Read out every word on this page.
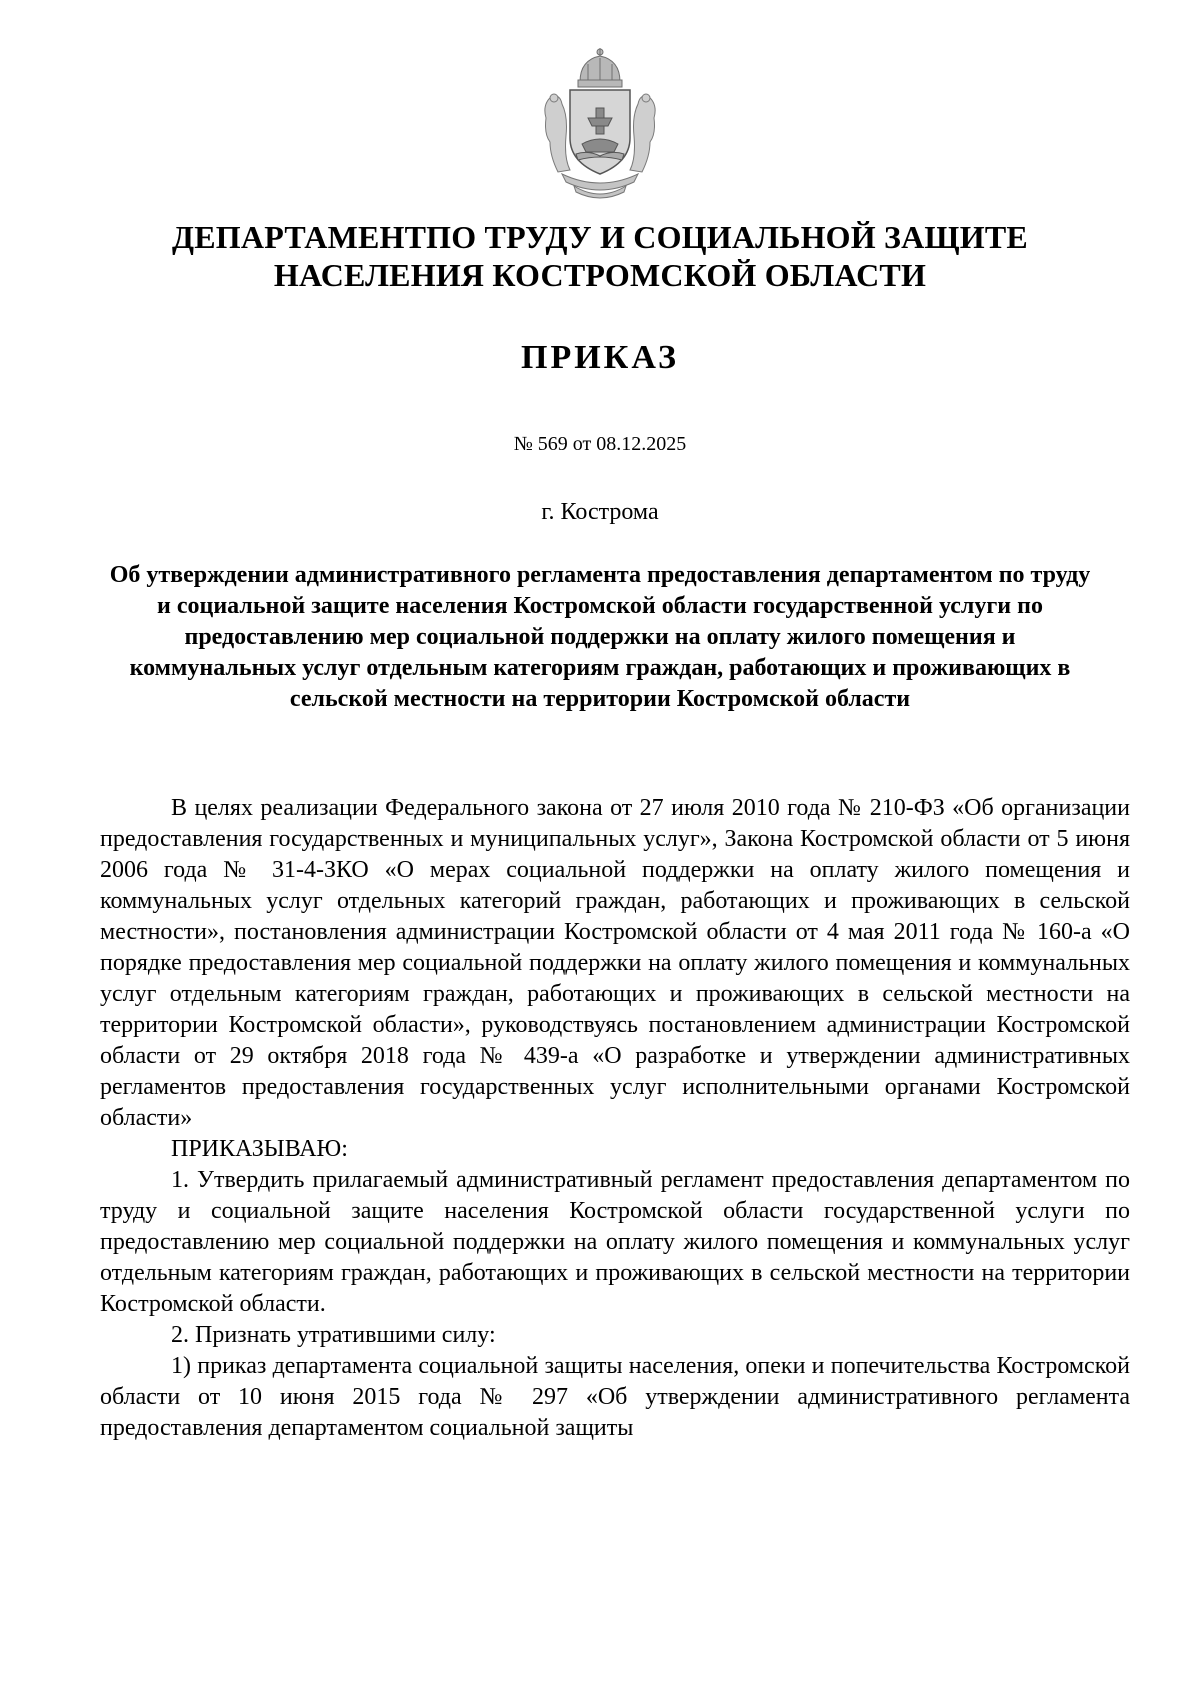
ДЕПАРТАМЕНТПО ТРУДУ И СОЦИАЛЬНОЙ ЗАЩИТЕ
НАСЕЛЕНИЯ КОСТРОМСКОЙ ОБЛАСТИ
ПРИКАЗ
№ 569 от 08.12.2025
г. Кострома
Об утверждении административного регламента предоставления департаментом по труду и социальной защите населения Костромской области государственной услуги по предоставлению мер социальной поддержки на оплату жилого помещения и коммунальных услуг отдельным категориям граждан, работающих и проживающих в сельской местности на территории Костромской области

В целях реализации Федерального закона от 27 июля 2010 года № 210-ФЗ «Об организации предоставления государственных и муниципальных услуг», Закона Костромской области от 5 июня 2006 года № 31-4-ЗКО «О мерах социальной поддержки на оплату жилого помещения и коммунальных услуг отдельных категорий граждан, работающих и проживающих в сельской местности», постановления администрации Костромской области от 4 мая 2011 года № 160-а «О порядке предоставления мер социальной поддержки на оплату жилого помещения и коммунальных услуг отдельным категориям граждан, работающих и проживающих в сельской местности на территории Костромской области», руководствуясь постановлением администрации Костромской области от 29 октября 2018 года № 439-а «О разработке и утверждении административных регламентов предоставления государственных услуг исполнительными органами Костромской области»

ПРИКАЗЫВАЮ:

1. Утвердить прилагаемый административный регламент предоставления департаментом по труду и социальной защите населения Костромской области государственной услуги по предоставлению мер социальной поддержки на оплату жилого помещения и коммунальных услуг отдельным категориям граждан, работающих и проживающих в сельской местности на территории Костромской области.

2. Признать утратившими силу:

1) приказ департамента социальной защиты населения, опеки и попечительства Костромской области от 10 июня 2015 года № 297 «Об утверждении административного регламента предоставления департаментом социальной защиты
